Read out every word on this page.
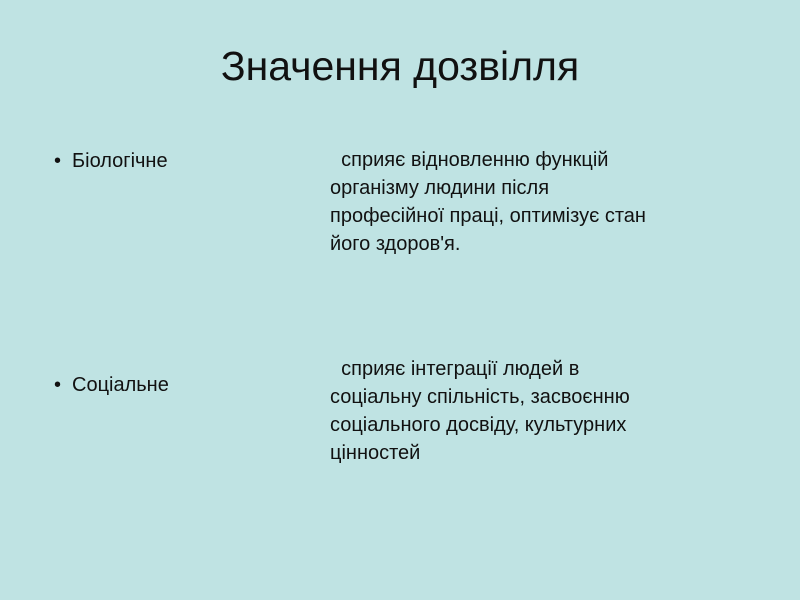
Значення дозвілля
• Біологічне	сприяє відновленню функцій
організму людини після
професійної праці, оптимізує стан
його здоров'я.
• Соціальне
сприяє інтеграції людей в
соціальну спільність, засвоєнню
соціального досвіду, культурних
цінностей
